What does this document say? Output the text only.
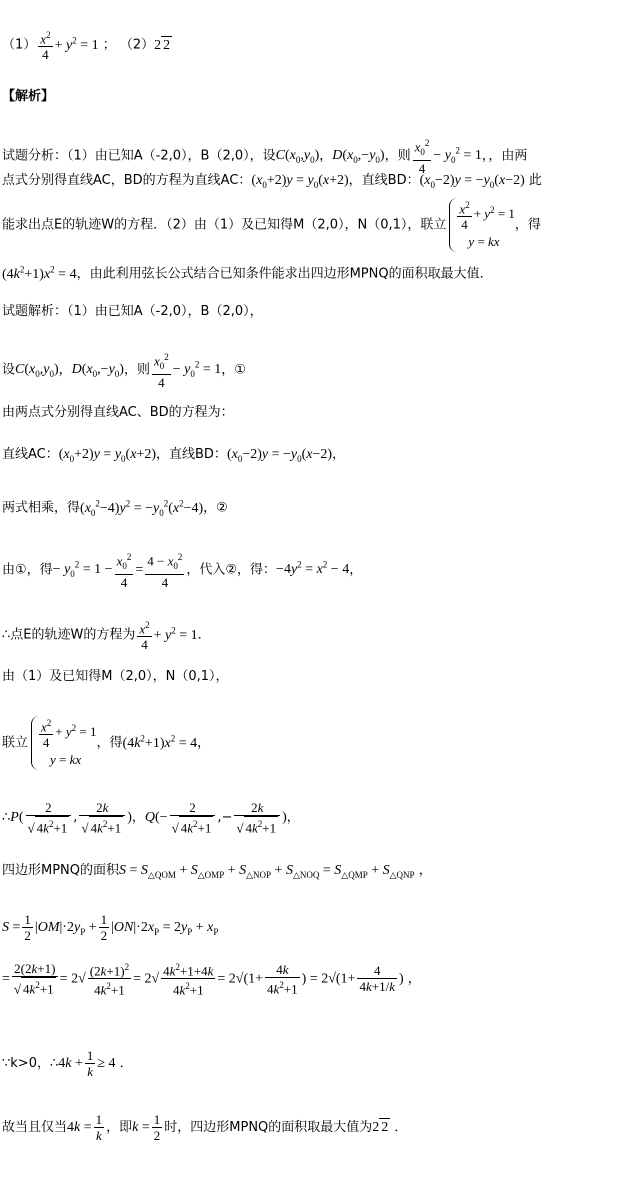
$(1) \frac{x^2}{4} + y^2 = 1$ ； （2）2 2
【解析】
试题分析：（1）由已知A（-2,0），B（2,0），设$C(x_0,y_0)$，$D(x_0,-y_0)$，则 $\frac{x_0^2}{4} - y_0^2 = 1$，，由两
点式分别得直线AC，BD的方程为直线AC：$(x_0+2)y = y_0(x+2)$，直线BD：$(x_0-2)y = -y_0(x-2)$ 此
能求出点E的轨迹W的方程．（2）由（1）及已知得M（2,0），N（0,1），联立 $\frac{x^2}{4} + y^2 = 1$
y = kx
，得
$(4k^2+1)x^2 = 4$，由此利用弦长公式结合已知条件能求出四边形MPNQ的面积取最大值．
试题解析：（1）由已知A（-2,0），B（2,0），
设$C(x_0,y_0)$，$D(x_0,-y_0)$，则 $\frac{x_0^2}{4} - y_0^2 = 1$，①
由两点式分别得直线AC、BD的方程为：
直线AC：$(x_0+2)y = y_0(x+2)$，直线BD：$(x_0-2)y = -y_0(x-2)$，
两式相乘，得$(x_0^2-4)y^2 = -y_0^2(x^2-4)$，②
由①，得− $y_0^2 = 1 - \frac{x_0^2}{4} = \frac{4 - x_0^2}{4}$ ，代入②，得：$-4y^2 = x^2 - 4$，
∴点E的轨迹W的方程为 $\frac{x^2}{4} + y^2 = 1$．
由（1）及已知得M（2,0），N（0,1），
联立 $\frac{x^2}{4} + y^2 = 1$
y = kx
，得$(4k^2+1)x^2 = 4$，
∴P( $\frac{2}{√ 4k^2+1}$ , $\frac{2k}{√ 4k^2+1}$ )，$Q(- \frac{2}{√ 4k^2+1}$ ,− $\frac{2k}{√ 4k^2+1}$ )，
四边形MPNQ的面积$S = S_{\triangle QOM} + S_{\triangle OMP} + S_{\triangle NOP} + S_{\triangle NOQ} = S_{\triangle QMP} + S_{\triangle QNP}$ ，
$S = \frac{1}{2} |OM|\cdot 2y_P + \frac{1}{2} |ON|\cdot 2x_P = 2y_P + x_P$
= $\frac{2(2k+1)}{√ 4k^2+1} = 2√ \frac{(2k+1)^2}{4k^2+1} = 2√ \frac{4k^2+1+4k}{4k^2+1} = 2√(1+ \frac{4k}{4k^2+1}$ ) = $2√(1+ \frac{4}{4k+1/k}$ ) ，
∵k>0，∴4k + $\frac{1}{k} \ge 4$ ．
故当且仅当$4k = \frac{1}{k}$ ，即$k = \frac{1}{2}$ 时，四边形MPNQ的面积取最大值为2 2 ．
